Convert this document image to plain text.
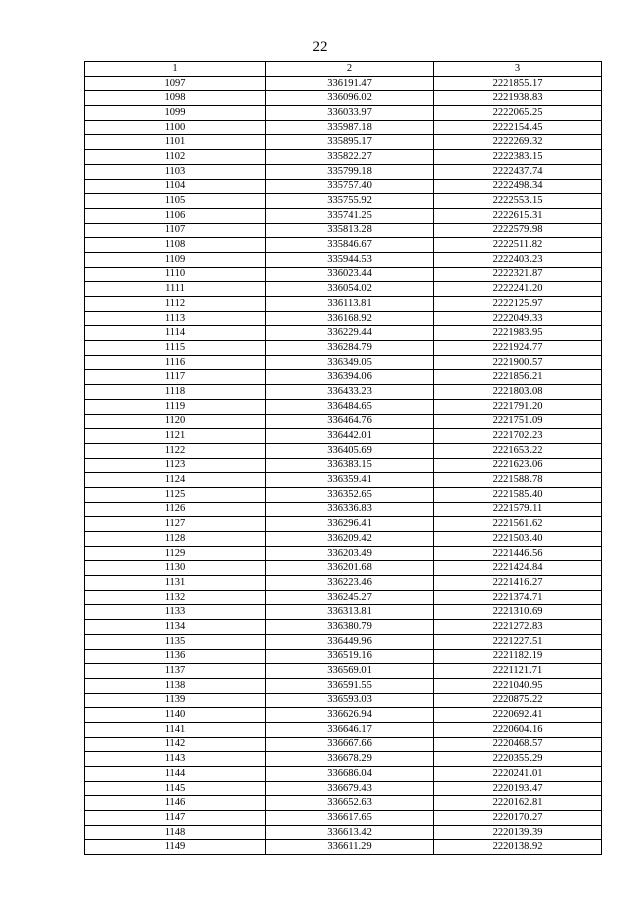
22
1	2	3
1097	336191.47	2221855.17
1098	336096.02	2221938.83
1099	336033.97	2222065.25
1100	335987.18	2222154.45
1101	335895.17	2222269.32
1102	335822.27	2222383.15
1103	335799.18	2222437.74
1104	335757.40	2222498.34
1105	335755.92	2222553.15
1106	335741.25	2222615.31
1107	335813.28	2222579.98
1108	335846.67	2222511.82
1109	335944.53	2222403.23
1110	336023.44	2222321.87
1111	336054.02	2222241.20
1112	336113.81	2222125.97
1113	336168.92	2222049.33
1114	336229.44	2221983.95
1115	336284.79	2221924.77
1116	336349.05	2221900.57
1117	336394.06	2221856.21
1118	336433.23	2221803.08
1119	336484.65	2221791.20
1120	336464.76	2221751.09
1121	336442.01	2221702.23
1122	336405.69	2221653.22
1123	336383.15	2221623.06
1124	336359.41	2221588.78
1125	336352.65	2221585.40
1126	336336.83	2221579.11
1127	336296.41	2221561.62
1128	336209.42	2221503.40
1129	336203.49	2221446.56
1130	336201.68	2221424.84
1131	336223.46	2221416.27
1132	336245.27	2221374.71
1133	336313.81	2221310.69
1134	336380.79	2221272.83
1135	336449.96	2221227.51
1136	336519.16	2221182.19
1137	336569.01	2221121.71
1138	336591.55	2221040.95
1139	336593.03	2220875.22
1140	336626.94	2220692.41
1141	336646.17	2220604.16
1142	336667.66	2220468.57
1143	336678.29	2220355.29
1144	336686.04	2220241.01
1145	336679.43	2220193.47
1146	336652.63	2220162.81
1147	336617.65	2220170.27
1148	336613.42	2220139.39
1149	336611.29	2220138.92
